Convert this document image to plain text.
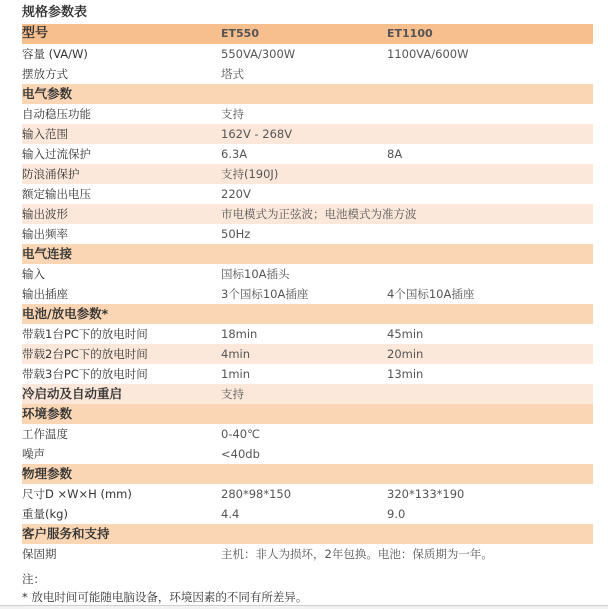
规格参数表
型号	ET550	ET1100
容量 (VA/W)	550VA/300W	1100VA/600W
摆放方式	塔式
电气参数
自动稳压功能	支持
输入范围	162V - 268V
输入过流保护	6.3A	8A
防浪涌保护	支持(190J)
额定输出电压	220V
输出波形	市电模式为正弦波；电池模式为准方波
输出频率	50Hz
电气连接
输入	国标10A插头
输出插座	3个国标10A插座	4个国标10A插座
电池/放电参数*
带载1台PC下的放电时间	18min	45min
带载2台PC下的放电时间	4min	20min
带载3台PC下的放电时间	1min	13min
冷启动及自动重启	支持
环境参数
工作温度	0-40℃
噪声	<40db
物理参数
尺寸D ×W×H (mm)	280*98*150	320*133*190
重量(kg)	4.4	9.0
客户服务和支持
保固期	主机：非人为损坏，2年包换。电池：保质期为一年。
注：
* 放电时间可能随电脑设备，环境因素的不同有所差异。
